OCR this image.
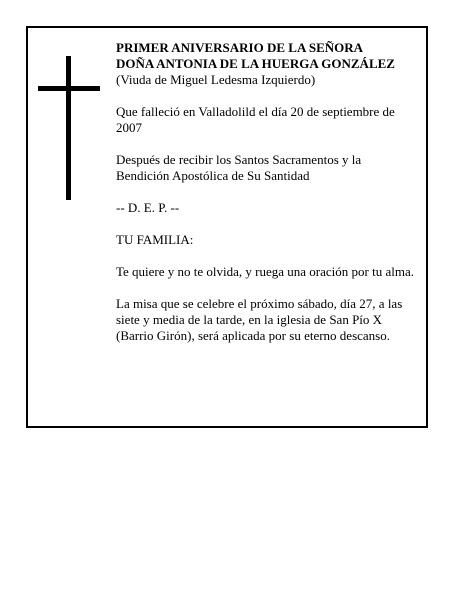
PRIMER ANIVERSARIO DE LA SEÑORA
DOÑA ANTONIA DE LA HUERGA GONZÁLEZ
(Viuda de Miguel Ledesma Izquierdo)

Que falleció en Valladolild el día 20 de septiembre de 2007

Después de recibir los Santos Sacramentos y la Bendición Apostólica de Su Santidad

-- D. E. P. --

TU FAMILIA:

Te quiere y no te olvida, y ruega una oración por tu alma.

La misa que se celebre el próximo sábado, día 27, a las siete y media de la tarde, en la iglesia de San Pío X (Barrio Girón), será aplicada por su eterno descanso.
